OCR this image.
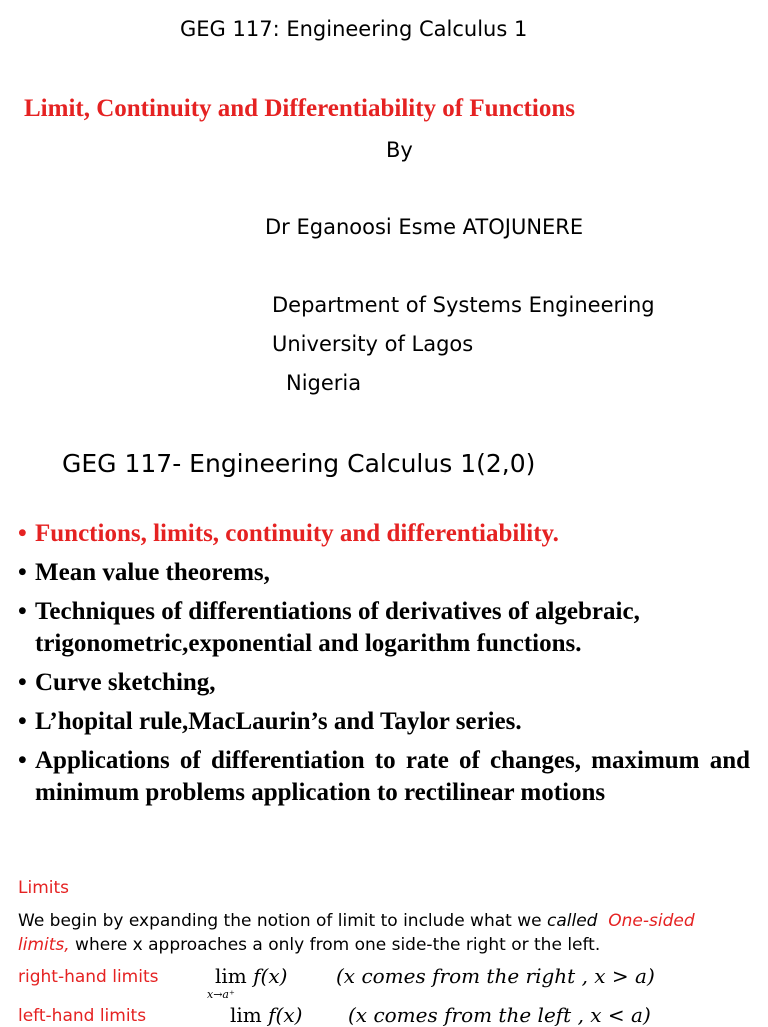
GEG 117: Engineering Calculus 1
Limit, Continuity and Differentiability of Functions
By
Dr Eganoosi Esme ATOJUNERE
Department of Systems Engineering
University of Lagos
Nigeria
GEG 117- Engineering Calculus 1(2,0)
• Functions, limits, continuity and differentiability.
• Mean value theorems,
• Techniques of differentiations of derivatives of algebraic, trigonometric,exponential and logarithm functions.
• Curve sketching,
• L’hopital rule,MacLaurin’s and Taylor series.
• Applications of differentiation to rate of changes, maximum and minimum problems application to rectilinear motions
Limits
We begin by expanding the notion of limit to include what we called One-sided limits, where x approaches a only from one side-the right or the left.
right-hand limits	lim f(x)
x→a⁺
(x comes from the right , x > a)
left-hand limits	lim f(x) (x comes from the left , x < a)
